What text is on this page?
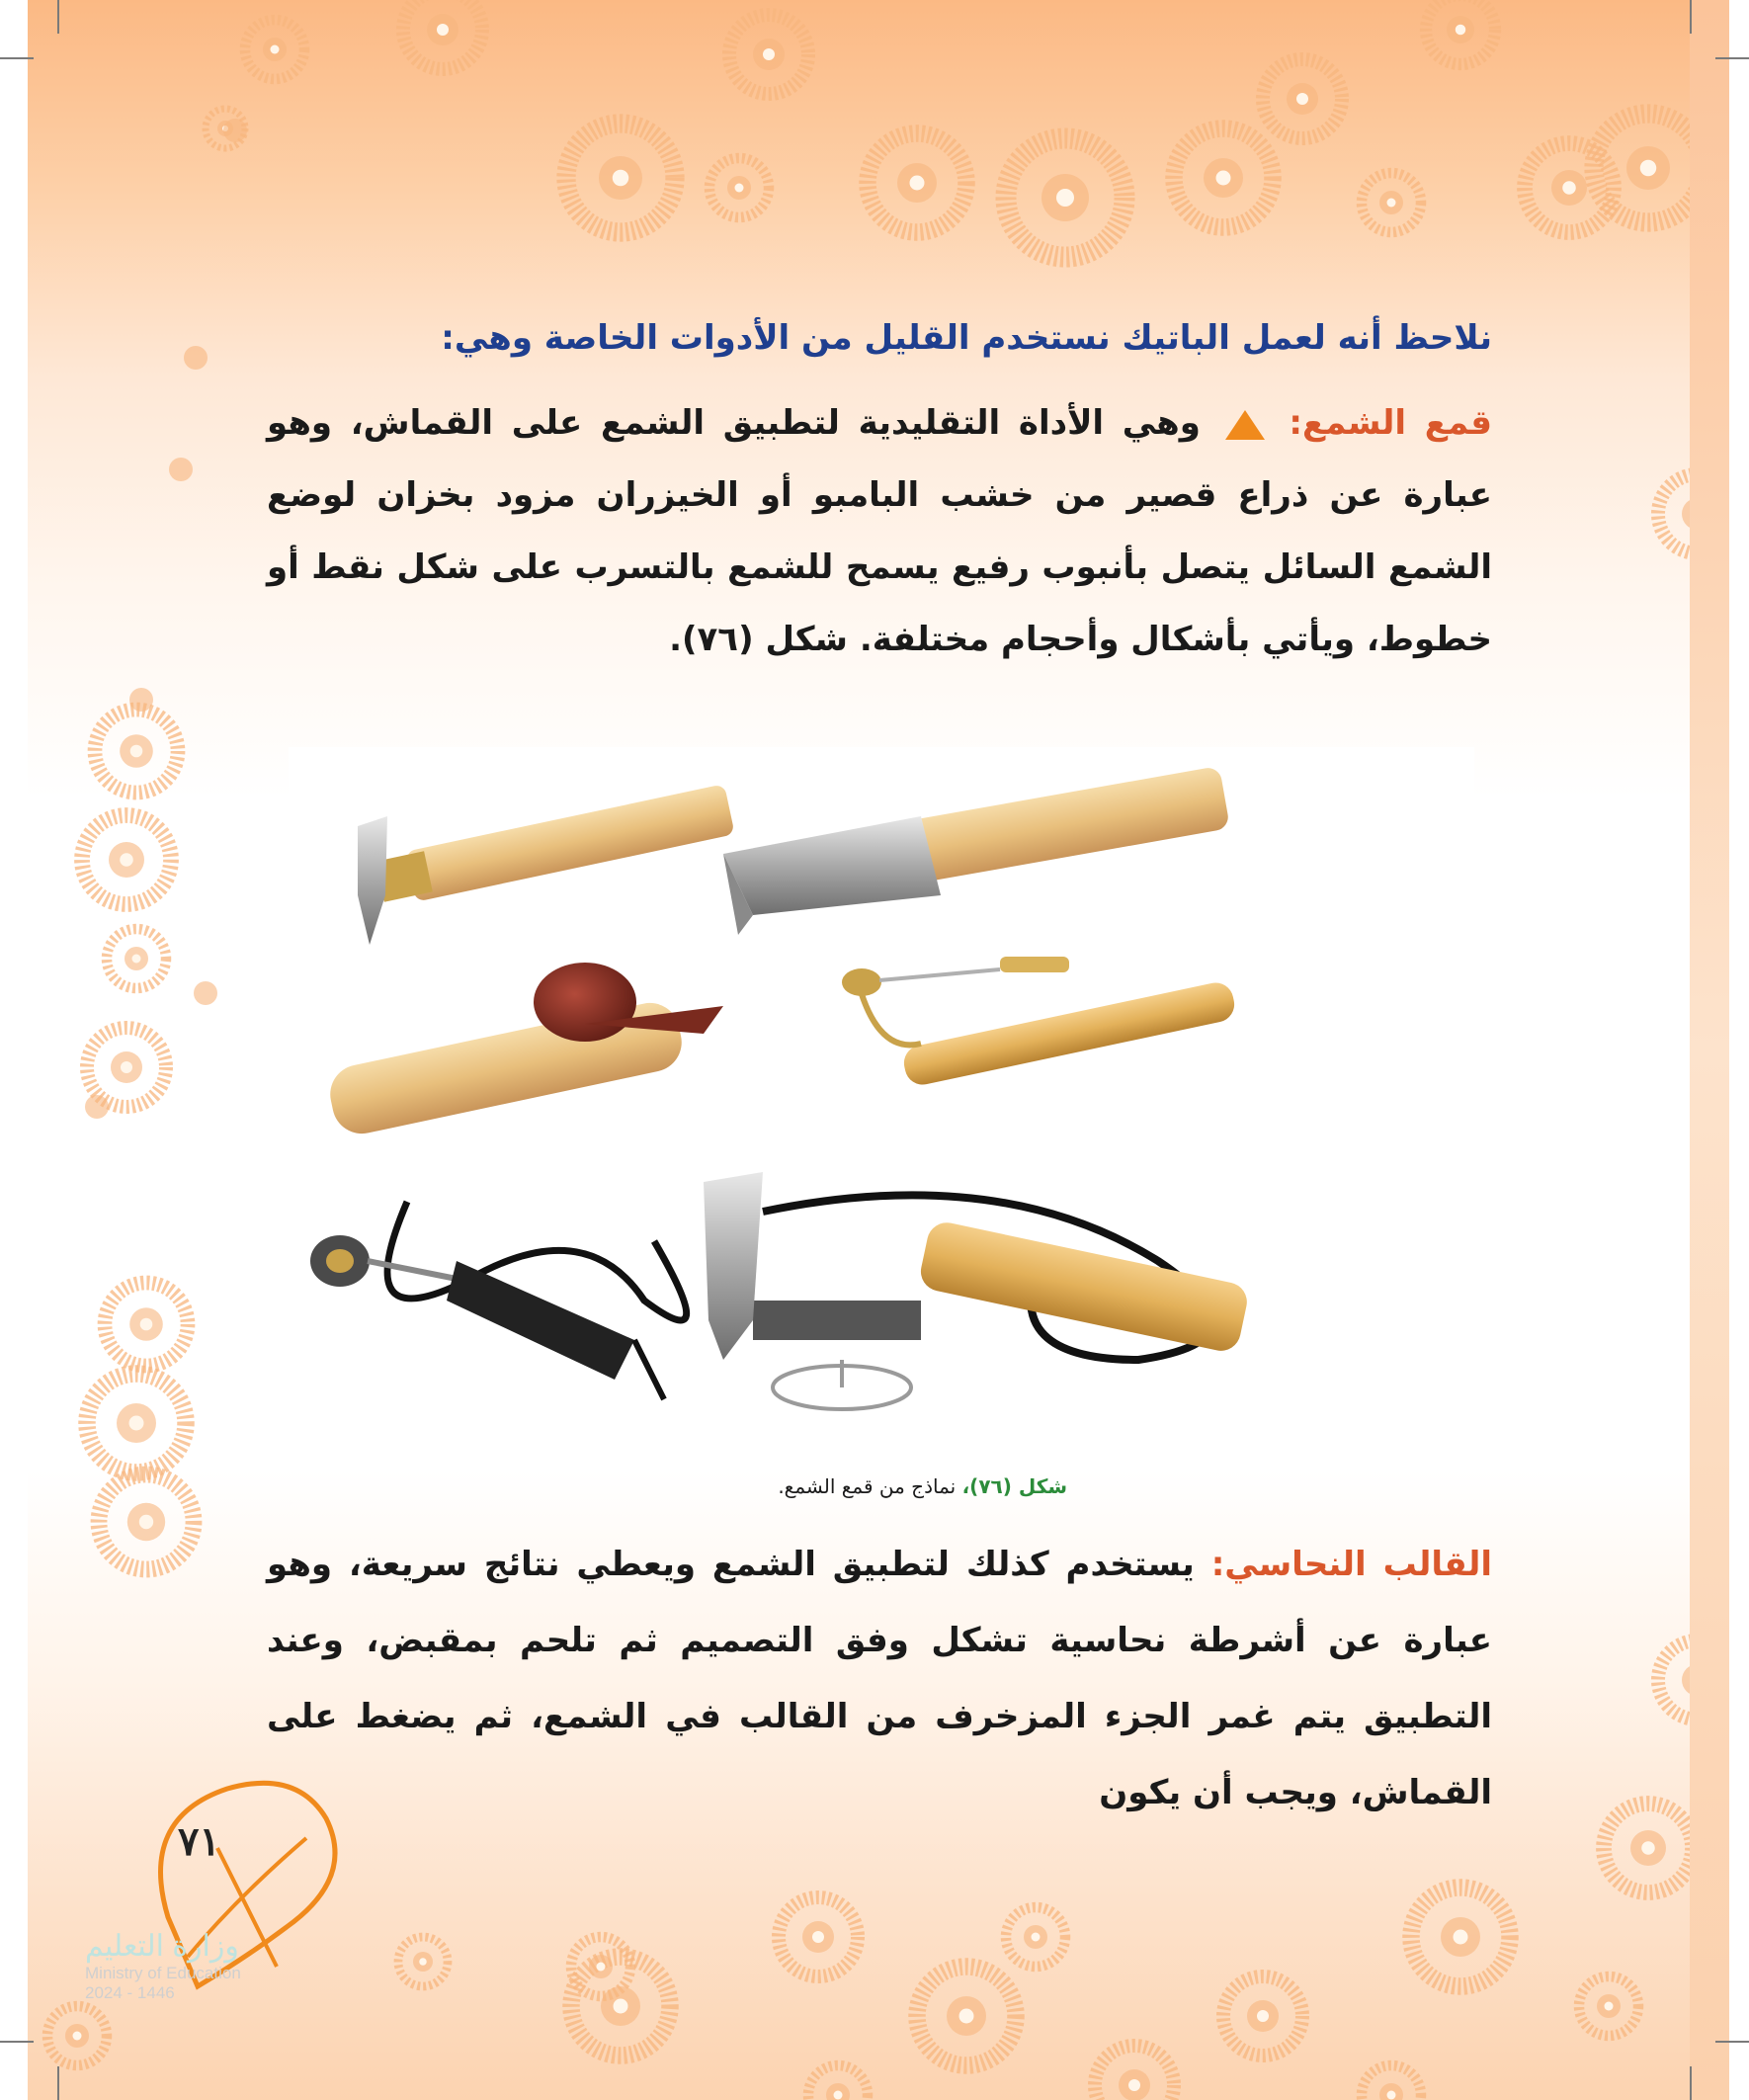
نلاحظ أنه لعمل الباتيك نستخدم القليل من الأدوات الخاصة وهي:
قمع الشمع:  وهي الأداة التقليدية لتطبيق الشمع على القماش، وهو عبارة عن ذراع قصير من خشب البامبو أو الخيزران مزود بخزان لوضع الشمع السائل يتصل بأنبوب رفيع يسمح للشمع بالتسرب على شكل نقط أو خطوط، ويأتي بأشكال وأحجام مختلفة. شكل (٧٦).
شكل (٧٦)، نماذج من قمع الشمع.
القالب النحاسي: يستخدم كذلك لتطبيق الشمع ويعطي نتائج سريعة، وهو عبارة عن أشرطة نحاسية تشكل وفق التصميم ثم تلحم بمقبض، وعند التطبيق يتم غمر الجزء المزخرف من القالب في الشمع، ثم يضغط على القماش، ويجب أن يكون
٧١
وزارة التعليم
Ministry of Education
2024 - 1446
